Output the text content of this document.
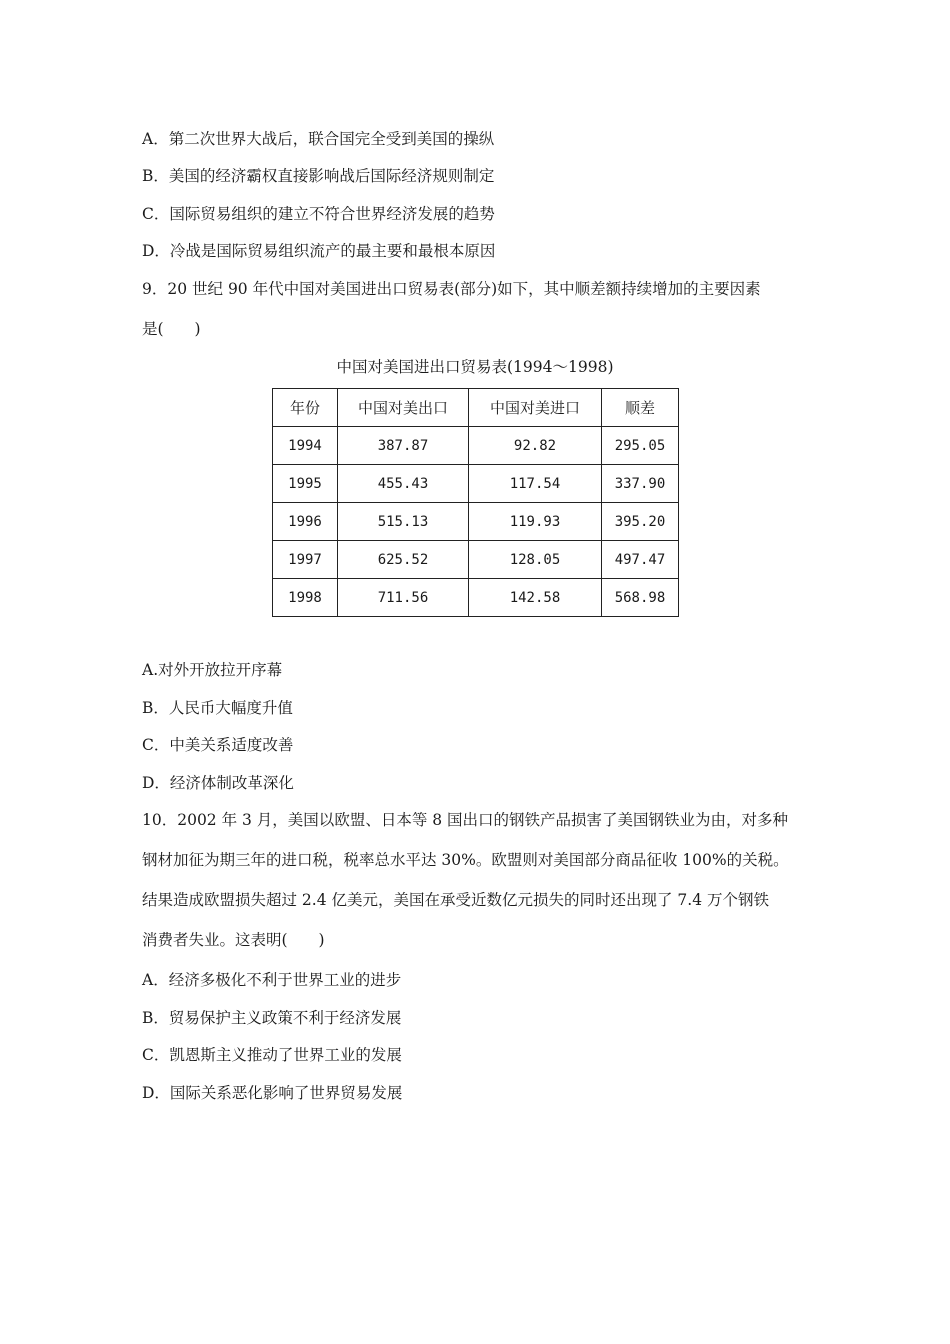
A．第二次世界大战后，联合国完全受到美国的操纵
B．美国的经济霸权直接影响战后国际经济规则制定
C．国际贸易组织的建立不符合世界经济发展的趋势
D．冷战是国际贸易组织流产的最主要和最根本原因
9．20 世纪 90 年代中国对美国进出口贸易表(部分)如下，其中顺差额持续增加的主要因素
是(　　)
中国对美国进出口贸易表(1994～1998)
年份	中国对美出口	中国对美进口	顺差
1994	387.87	92.82	295.05
1995	455.43	117.54	337.90
1996	515.13	119.93	395.20
1997	625.52	128.05	497.47
1998	711.56	142.58	568.98
A.对外开放拉开序幕
B．人民币大幅度升值
C．中美关系适度改善
D．经济体制改革深化
10．2002 年 3 月，美国以欧盟、日本等 8 国出口的钢铁产品损害了美国钢铁业为由，对多种
钢材加征为期三年的进口税，税率总水平达 30%。欧盟则对美国部分商品征收 100%的关税。
结果造成欧盟损失超过 2.4 亿美元，美国在承受近数亿元损失的同时还出现了 7.4 万个钢铁
消费者失业。这表明(　　)
A．经济多极化不利于世界工业的进步
B．贸易保护主义政策不利于经济发展
C．凯恩斯主义推动了世界工业的发展
D．国际关系恶化影响了世界贸易发展
